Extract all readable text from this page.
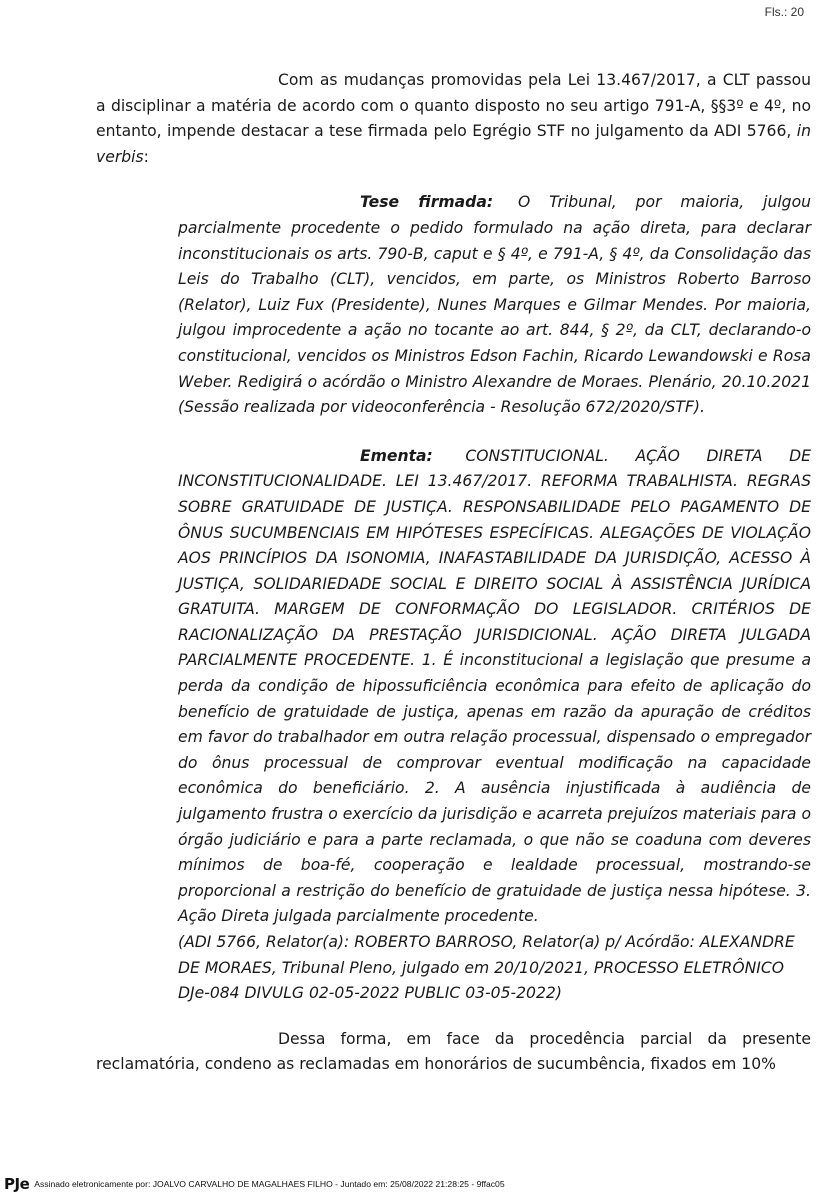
Fls.: 20

Com as mudanças promovidas pela Lei 13.467/2017, a CLT passou a disciplinar a matéria de acordo com o quanto disposto no seu artigo 791-A, §§3º e 4º, no entanto, impende destacar a tese firmada pelo Egrégio STF no julgamento da ADI 5766, in verbis:

Tese firmada: O Tribunal, por maioria, julgou parcialmente procedente o pedido formulado na ação direta, para declarar inconstitucionais os arts. 790-B, caput e § 4º, e 791-A, § 4º, da Consolidação das Leis do Trabalho (CLT), vencidos, em parte, os Ministros Roberto Barroso (Relator), Luiz Fux (Presidente), Nunes Marques e Gilmar Mendes. Por maioria, julgou improcedente a ação no tocante ao art. 844, § 2º, da CLT, declarando-o constitucional, vencidos os Ministros Edson Fachin, Ricardo Lewandowski e Rosa Weber. Redigirá o acórdão o Ministro Alexandre de Moraes. Plenário, 20.10.2021 (Sessão realizada por videoconferência - Resolução 672/2020/STF).

Ementa: CONSTITUCIONAL. AÇÃO DIRETA DE INCONSTITUCIONALIDADE. LEI 13.467/2017. REFORMA TRABALHISTA. REGRAS SOBRE GRATUIDADE DE JUSTIÇA. RESPONSABILIDADE PELO PAGAMENTO DE ÔNUS SUCUMBENCIAIS EM HIPÓTESES ESPECÍFICAS. ALEGAÇÕES DE VIOLAÇÃO AOS PRINCÍPIOS DA ISONOMIA, INAFASTABILIDADE DA JURISDIÇÃO, ACESSO À JUSTIÇA, SOLIDARIEDADE SOCIAL E DIREITO SOCIAL À ASSISTÊNCIA JURÍDICA GRATUITA. MARGEM DE CONFORMAÇÃO DO LEGISLADOR. CRITÉRIOS DE RACIONALIZAÇÃO DA PRESTAÇÃO JURISDICIONAL. AÇÃO DIRETA JULGADA PARCIALMENTE PROCEDENTE. 1. É inconstitucional a legislação que presume a perda da condição de hipossuficiência econômica para efeito de aplicação do benefício de gratuidade de justiça, apenas em razão da apuração de créditos em favor do trabalhador em outra relação processual, dispensado o empregador do ônus processual de comprovar eventual modificação na capacidade econômica do beneficiário. 2. A ausência injustificada à audiência de julgamento frustra o exercício da jurisdição e acarreta prejuízos materiais para o órgão judiciário e para a parte reclamada, o que não se coaduna com deveres mínimos de boa-fé, cooperação e lealdade processual, mostrando-se proporcional a restrição do benefício de gratuidade de justiça nessa hipótese. 3. Ação Direta julgada parcialmente procedente.

(ADI 5766, Relator(a): ROBERTO BARROSO, Relator(a) p/ Acórdão: ALEXANDRE DE MORAES, Tribunal Pleno, julgado em 20/10/2021, PROCESSO ELETRÔNICO DJe-084 DIVULG 02-05-2022 PUBLIC 03-05-2022)

Dessa forma, em face da procedência parcial da presente reclamatória, condeno as reclamadas em honorários de sucumbência, fixados em 10%

PJe Assinado eletronicamente por: JOALVO CARVALHO DE MAGALHAES FILHO - Juntado em: 25/08/2022 21:28:25 - 9ffac05
